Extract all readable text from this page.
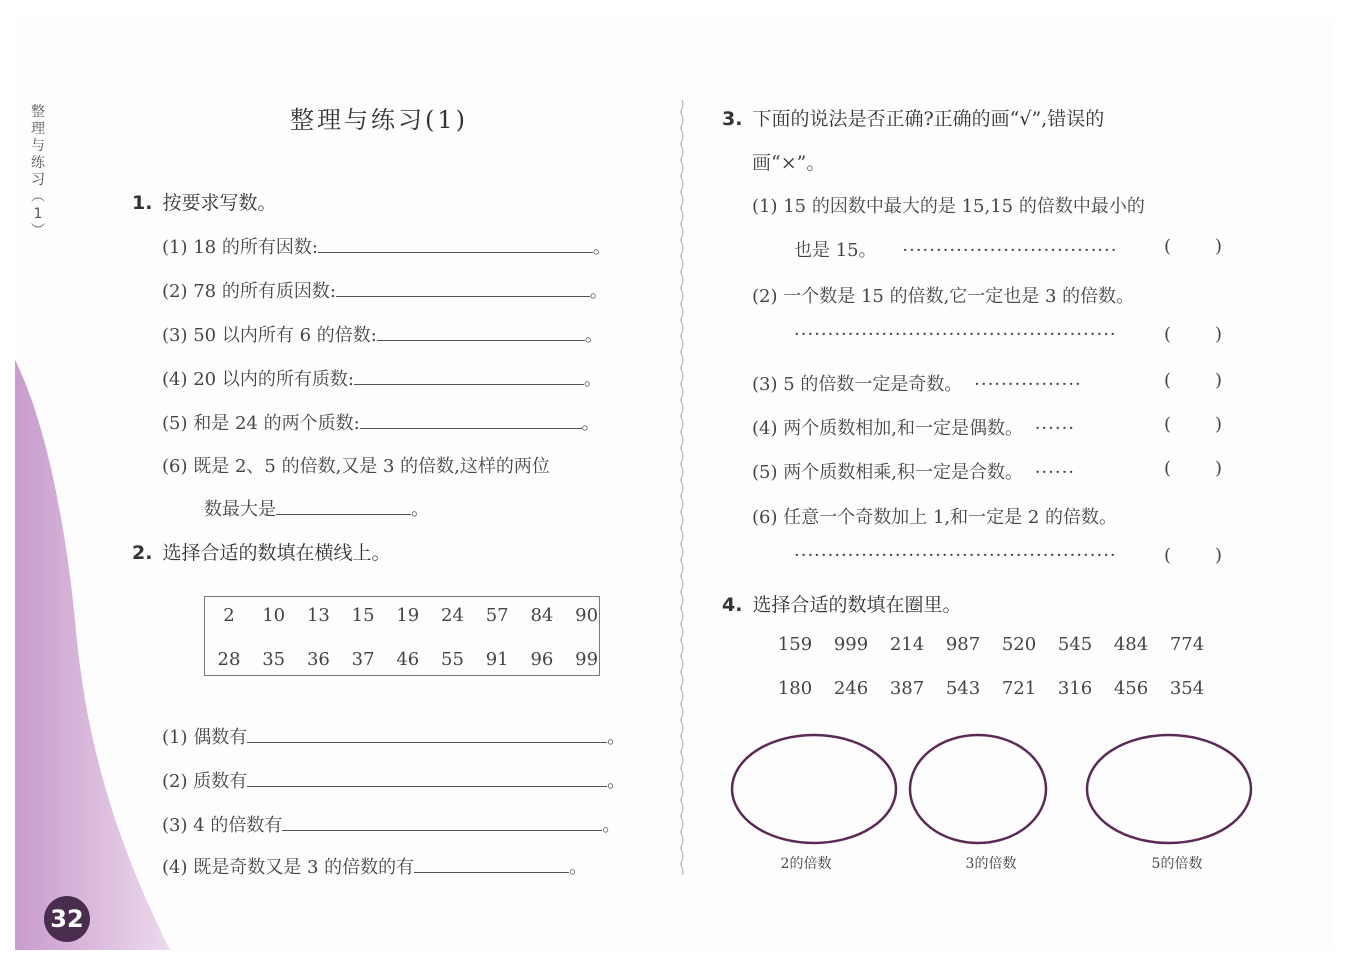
整
理
与
练
习
︵
1
︶
32
整理与练习(1)
1. 按要求写数。
(1) 18 的所有因数:	。
(2) 78 的所有质因数:	。
(3) 50 以内所有 6 的倍数:	。
(4) 20 以内的所有质数:	。
(5) 和是 24 的两个质数:	。
(6) 既是 2、5 的倍数,又是 3 的倍数,这样的两位
数最大是	。
2. 选择合适的数填在横线上。
2	10	13	15	19	24	57	84	90
28	35	36	37	46	55	91	96	99
(1) 偶数有	。
(2) 质数有	。
(3) 4 的倍数有	。
(4) 既是奇数又是 3 的倍数的有	。
3. 下面的说法是否正确?正确的画“√”,错误的
画“×”。
(1) 15 的因数中最大的是 15,15 的倍数中最小的
也是 15。 ································	( )
(2) 一个数是 15 的倍数,它一定也是 3 的倍数。
················································	( )
(3) 5 的倍数一定是奇数。 ················	( )
(4) 两个质数相加,和一定是偶数。 ······	( )
(5) 两个质数相乘,积一定是合数。 ······	( )
(6) 任意一个奇数加上 1,和一定是 2 的倍数。
················································	( )
4. 选择合适的数填在圈里。
159	999	214	987	520	545	484	774
180	246	387	543	721	316	456	354
2的倍数	3的倍数	5的倍数
